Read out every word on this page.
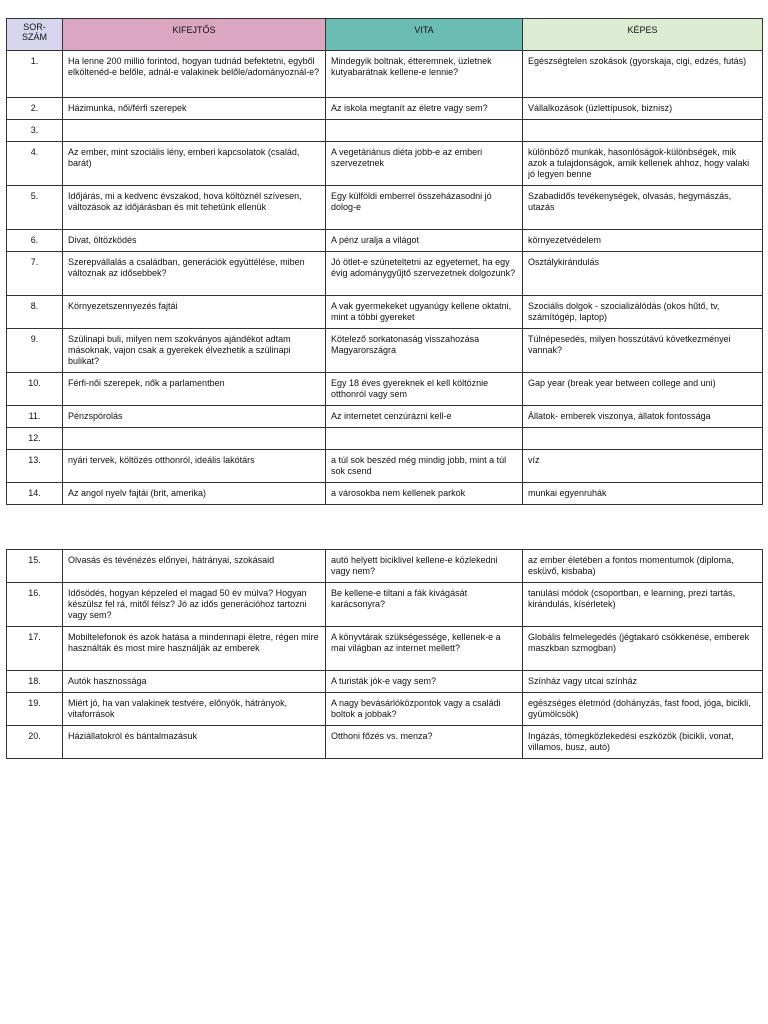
SOR-
SZÁM	KIFEJTŐS	VITA	KÉPES
1.	Ha lenne 200 millió forintod, hogyan tudnád befektetni, egyből elköltenéd-e belőle, adnál-e valakinek belőle/adományoznál-e?	Mindegyik boltnak, étteremnek, üzletnek kutyabarátnak kellene-e lennie?	Egészségtelen szokások (gyorskaja, cigi, edzés, futás)
2.	Házimunka, női/férfi szerepek	Az iskola megtanít az életre vagy sem?	Vállalkozások (üzlettípusok, biznisz)
3.			
4.	Az ember, mint szociális lény, emberi kapcsolatok (család, barát)	A vegetáriánus diéta jobb-e az emberi szervezetnek	különböző munkák, hasonlóságok-különbségek, mik azok a tulajdonságok, amik kellenek ahhoz, hogy valaki jó legyen benne
5.	Időjárás, mi a kedvenc évszakod, hova költöznél szívesen, változások az időjárásban és mit tehetünk ellenük	Egy külföldi emberrel összeházasodni jó dolog-e	Szabadidős tevékenységek, olvasás, hegymászás, utazás
6.	Divat, öltözködés	A pénz uralja a világot	környezetvédelem
7.	Szerepvállalás a családban, generációk együttélése, miben változnak az idősebbek?	Jó ötlet-e szüneteltetni az egyetemet, ha egy évig adománygyűjtő szervezetnek dolgozunk?	Osztálykirándulás
8.	Környezetszennyezés fajtái	A vak gyermekeket ugyanúgy kellene oktatni, mint a többi gyereket	Szociális dolgok - szocializálódás (okos hűtő, tv, számítógép, laptop)
9.	Szülinapi buli, milyen nem szokványos ajándékot adtam másoknak, vajon csak a gyerekek élvezhetik a szülinapi bulikat?	Kötelező sorkatonaság visszahozása Magyarországra	Túlnépesedés, milyen hosszútávú következményei vannak?
10.	Férfi-női szerepek, nők a parlamentben	Egy 18 éves gyereknek el kell költöznie otthonról vagy sem	Gap year (break year between college and uni)
11.	Pénzspórolás	Az internetet cenzúrázni kell-e	Állatok- emberek viszonya, állatok fontossága
12.			
13.	nyári tervek, költözés otthonról, ideális lakótárs	a túl sok beszéd még mindig jobb, mint a túl sok csend	víz
14.	Az angol nyelv fajtái (brit, amerika)	a városokba nem kellenek parkok	munkai egyenruhák
15.	Olvasás és tévénézés előnyei, hátrányai, szokásaid	autó helyett biciklivel kellene-e közlekedni vagy nem?	az ember életében a fontos momentumok (diploma, esküvő, kisbaba)
16.	Idősödés, hogyan képzeled el magad 50 év múlva? Hogyan készülsz fel rá, mitől félsz? Jó az idős generációhoz tartozni vagy sem?	Be kellene-e tiltani a fák kivágását karácsonyra?	tanulási módok (csoportban, e learning, prezi tartás, kirándulás, kísérletek)
17.	Mobiltelefonok és azok hatása a mindennapi életre, régen mire használták és most mire használják az emberek	A könyvtárak szükségessége, kellenek-e a mai világban az internet mellett?	Globális felmelegedés (jégtakaró csökkenése, emberek maszkban szmogban)
18.	Autók hasznossága	A turisták jók-e vagy sem?	Színház vagy utcai színház
19.	Miért jó, ha van valakinek testvére, előnyök, hátrányok, vitaforrások	A nagy bevásárlóközpontok vagy a családi boltok a jobbak?	egészséges életmód (dohányzás, fast food, jóga, bicikli, gyümölcsök)
20.	Háziállatokról és bántalmazásuk	Otthoni főzés vs. menza?	Ingázás, tömegközlekedési eszközök (bicikli, vonat, villamos, busz, autó)
